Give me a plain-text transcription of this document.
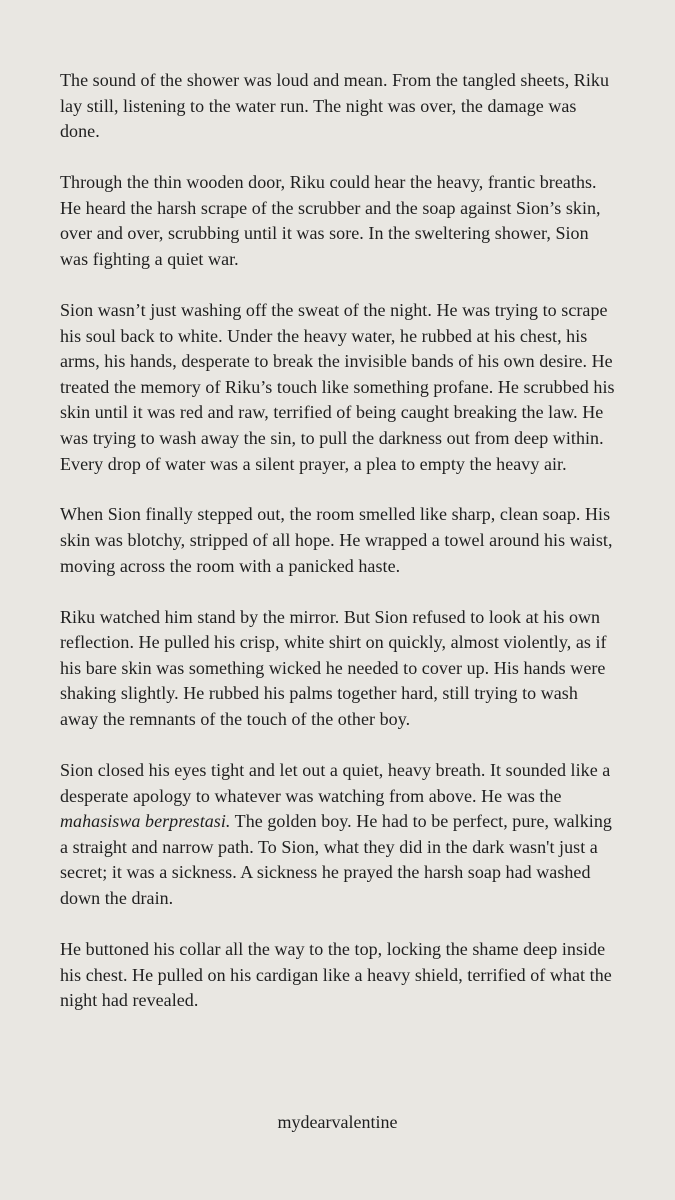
The sound of the shower was loud and mean. From the tangled sheets, Riku lay still, listening to the water run. The night was over, the damage was done.

Through the thin wooden door, Riku could hear the heavy, frantic breaths. He heard the harsh scrape of the scrubber and the soap against Sion’s skin, over and over, scrubbing until it was sore. In the sweltering shower, Sion was fighting a quiet war.

Sion wasn’t just washing off the sweat of the night. He was trying to scrape his soul back to white. Under the heavy water, he rubbed at his chest, his arms, his hands, desperate to break the invisible bands of his own desire. He treated the memory of Riku’s touch like something profane. He scrubbed his skin until it was red and raw, terrified of being caught breaking the law. He was trying to wash away the sin, to pull the darkness out from deep within. Every drop of water was a silent prayer, a plea to empty the heavy air.

When Sion finally stepped out, the room smelled like sharp, clean soap. His skin was blotchy, stripped of all hope. He wrapped a towel around his waist, moving across the room with a panicked haste.

Riku watched him stand by the mirror. But Sion refused to look at his own reflection. He pulled his crisp, white shirt on quickly, almost violently, as if his bare skin was something wicked he needed to cover up. His hands were shaking slightly. He rubbed his palms together hard, still trying to wash away the remnants of the touch of the other boy.

Sion closed his eyes tight and let out a quiet, heavy breath. It sounded like a desperate apology to whatever was watching from above. He was the mahasiswa berprestasi. The golden boy. He had to be perfect, pure, walking a straight and narrow path. To Sion, what they did in the dark wasn't just a secret; it was a sickness. A sickness he prayed the harsh soap had washed down the drain.

He buttoned his collar all the way to the top, locking the shame deep inside his chest. He pulled on his cardigan like a heavy shield, terrified of what the night had revealed.

mydearvalentine
